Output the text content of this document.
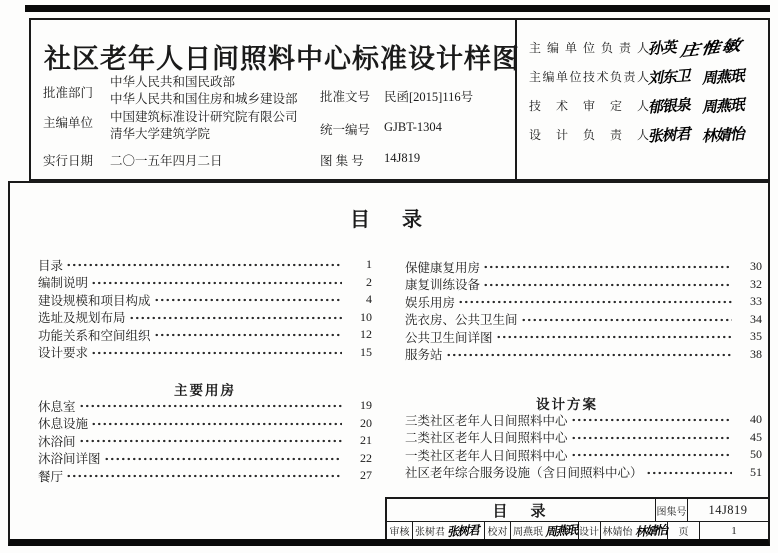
社区老年人日间照料中心标准设计样图
批准部门
中华人民共和国民政部
中华人民共和国住房和城乡建设部
主编单位 中国建筑标准设计研究院有限公司
清华大学建筑学院
实行日期 二〇一五年四月二日
批准文号 民函[2015]116号
统一编号 GJBT-1304
图 集 号 14J819
主编单位负责人
孙英 庄惟敏
主编单位技术负责人
刘东卫 周燕珉
技术审定人
郁银泉 周燕珉
设计负责人
张树君 林婧怡
目　录
目录	1
编制说明	2
建设规模和项目构成	4
选址及规划布局	10
功能关系和空间组织	12
设计要求	15
主要用房
休息室	19
休息设施	20
沐浴间	21
沐浴间详图	22
餐厅	27
保健康复用房	30
康复训练设备	32
娱乐用房	33
洗衣房、公共卫生间	34
公共卫生间详图	35
服务站	38
设计方案
三类社区老年人日间照料中心	40
二类社区老年人日间照料中心	45
一类社区老年人日间照料中心	50
社区老年综合服务设施（含日间照料中心）	51
目　录	图集号	14J819
审核 张树君 张树君 校对 周燕珉 周燕珉 设计 林婧怡 林婧怡	页	1
